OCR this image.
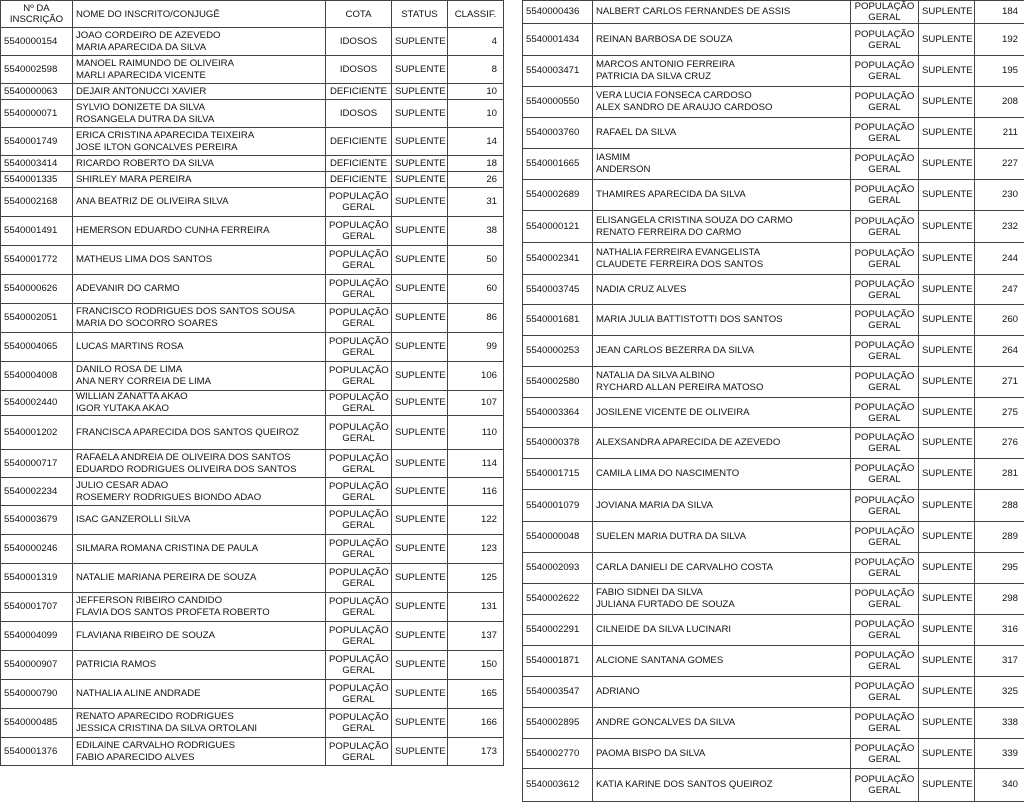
Nº DA INSCRIÇÃO	NOME DO INSCRITO/CONJUGÊ	COTA	STATUS	CLASSIF.
5540000154	JOAO CORDEIRO DE AZEVEDO
MARIA APARECIDA DA SILVA	IDOSOS	SUPLENTE	4
5540002598	MANOEL RAIMUNDO DE OLIVEIRA
MARLI APARECIDA VICENTE	IDOSOS	SUPLENTE	8
5540000063	DEJAIR ANTONUCCI XAVIER	DEFICIENTE	SUPLENTE	10
5540000071	SYLVIO DONIZETE DA SILVA
ROSANGELA DUTRA DA SILVA	IDOSOS	SUPLENTE	10
5540001749	ERICA CRISTINA APARECIDA TEIXEIRA
JOSE ILTON GONCALVES PEREIRA	DEFICIENTE	SUPLENTE	14
5540003414	RICARDO ROBERTO DA SILVA	DEFICIENTE	SUPLENTE	18
5540001335	SHIRLEY MARA PEREIRA	DEFICIENTE	SUPLENTE	26
5540002168	ANA BEATRIZ DE OLIVEIRA SILVA	POPULAÇÃO GERAL	SUPLENTE	31
5540001491	HEMERSON EDUARDO CUNHA FERREIRA	POPULAÇÃO GERAL	SUPLENTE	38
5540001772	MATHEUS LIMA DOS SANTOS	POPULAÇÃO GERAL	SUPLENTE	50
5540000626	ADEVANIR DO CARMO	POPULAÇÃO GERAL	SUPLENTE	60
5540002051	FRANCISCO RODRIGUES DOS SANTOS SOUSA
MARIA DO SOCORRO SOARES	POPULAÇÃO GERAL	SUPLENTE	86
5540004065	LUCAS MARTINS ROSA	POPULAÇÃO GERAL	SUPLENTE	99
5540004008	DANILO ROSA DE LIMA
ANA NERY CORREIA DE LIMA	POPULAÇÃO GERAL	SUPLENTE	106
5540002440	WILLIAN ZANATTA AKAO
IGOR YUTAKA AKAO	POPULAÇÃO GERAL	SUPLENTE	107
5540001202	FRANCISCA APARECIDA DOS SANTOS QUEIROZ	POPULAÇÃO GERAL	SUPLENTE	110
5540000717	RAFAELA ANDREIA DE OLIVEIRA DOS SANTOS
EDUARDO RODRIGUES OLIVEIRA DOS SANTOS	POPULAÇÃO GERAL	SUPLENTE	114
5540002234	JULIO CESAR ADAO
ROSEMERY RODRIGUES BIONDO ADAO	POPULAÇÃO GERAL	SUPLENTE	116
5540003679	ISAC GANZEROLLI SILVA	POPULAÇÃO GERAL	SUPLENTE	122
5540000246	SILMARA ROMANA CRISTINA DE PAULA	POPULAÇÃO GERAL	SUPLENTE	123
5540001319	NATALIE MARIANA PEREIRA DE SOUZA	POPULAÇÃO GERAL	SUPLENTE	125
5540001707	JEFFERSON RIBEIRO CANDIDO
FLAVIA DOS SANTOS PROFETA ROBERTO	POPULAÇÃO GERAL	SUPLENTE	131
5540004099	FLAVIANA RIBEIRO DE SOUZA	POPULAÇÃO GERAL	SUPLENTE	137
5540000907	PATRICIA RAMOS	POPULAÇÃO GERAL	SUPLENTE	150
5540000790	NATHALIA ALINE ANDRADE	POPULAÇÃO GERAL	SUPLENTE	165
5540000485	RENATO APARECIDO RODRIGUES
JESSICA CRISTINA DA SILVA ORTOLANI	POPULAÇÃO GERAL	SUPLENTE	166
5540001376	EDILAINE CARVALHO RODRIGUES
FABIO APARECIDO ALVES	POPULAÇÃO GERAL	SUPLENTE	173
5540000436	NALBERT CARLOS FERNANDES DE ASSIS	POPULAÇÃO GERAL	SUPLENTE	184
5540001434	REINAN BARBOSA DE SOUZA	POPULAÇÃO GERAL	SUPLENTE	192
5540003471	MARCOS ANTONIO FERREIRA
PATRICIA DA SILVA CRUZ	POPULAÇÃO GERAL	SUPLENTE	195
5540000550	VERA LUCIA FONSECA CARDOSO
ALEX SANDRO DE ARAUJO CARDOSO	POPULAÇÃO GERAL	SUPLENTE	208
5540003760	RAFAEL DA SILVA	POPULAÇÃO GERAL	SUPLENTE	211
5540001665	IASMIM
ANDERSON	POPULAÇÃO GERAL	SUPLENTE	227
5540002689	THAMIRES APARECIDA DA SILVA	POPULAÇÃO GERAL	SUPLENTE	230
5540000121	ELISANGELA CRISTINA SOUZA DO CARMO
RENATO FERREIRA DO CARMO	POPULAÇÃO GERAL	SUPLENTE	232
5540002341	NATHALIA FERREIRA EVANGELISTA
CLAUDETE FERREIRA DOS SANTOS	POPULAÇÃO GERAL	SUPLENTE	244
5540003745	NADIA CRUZ ALVES	POPULAÇÃO GERAL	SUPLENTE	247
5540001681	MARIA JULIA BATTISTOTTI DOS SANTOS	POPULAÇÃO GERAL	SUPLENTE	260
5540000253	JEAN CARLOS BEZERRA DA SILVA	POPULAÇÃO GERAL	SUPLENTE	264
5540002580	NATALIA DA SILVA ALBINO
RYCHARD ALLAN PEREIRA MATOSO	POPULAÇÃO GERAL	SUPLENTE	271
5540003364	JOSILENE VICENTE DE OLIVEIRA	POPULAÇÃO GERAL	SUPLENTE	275
5540000378	ALEXSANDRA APARECIDA DE AZEVEDO	POPULAÇÃO GERAL	SUPLENTE	276
5540001715	CAMILA LIMA DO NASCIMENTO	POPULAÇÃO GERAL	SUPLENTE	281
5540001079	JOVIANA MARIA DA SILVA	POPULAÇÃO GERAL	SUPLENTE	288
5540000048	SUELEN MARIA DUTRA DA SILVA	POPULAÇÃO GERAL	SUPLENTE	289
5540002093	CARLA DANIELI DE CARVALHO COSTA	POPULAÇÃO GERAL	SUPLENTE	295
5540002622	FABIO SIDNEI DA SILVA
JULIANA FURTADO DE SOUZA	POPULAÇÃO GERAL	SUPLENTE	298
5540002291	CILNEIDE DA SILVA LUCINARI	POPULAÇÃO GERAL	SUPLENTE	316
5540001871	ALCIONE SANTANA GOMES	POPULAÇÃO GERAL	SUPLENTE	317
5540003547	ADRIANO	POPULAÇÃO GERAL	SUPLENTE	325
5540002895	ANDRE GONCALVES DA SILVA	POPULAÇÃO GERAL	SUPLENTE	338
5540002770	PAOMA BISPO DA SILVA	POPULAÇÃO GERAL	SUPLENTE	339
5540003612	KATIA KARINE DOS SANTOS QUEIROZ	POPULAÇÃO GERAL	SUPLENTE	340
